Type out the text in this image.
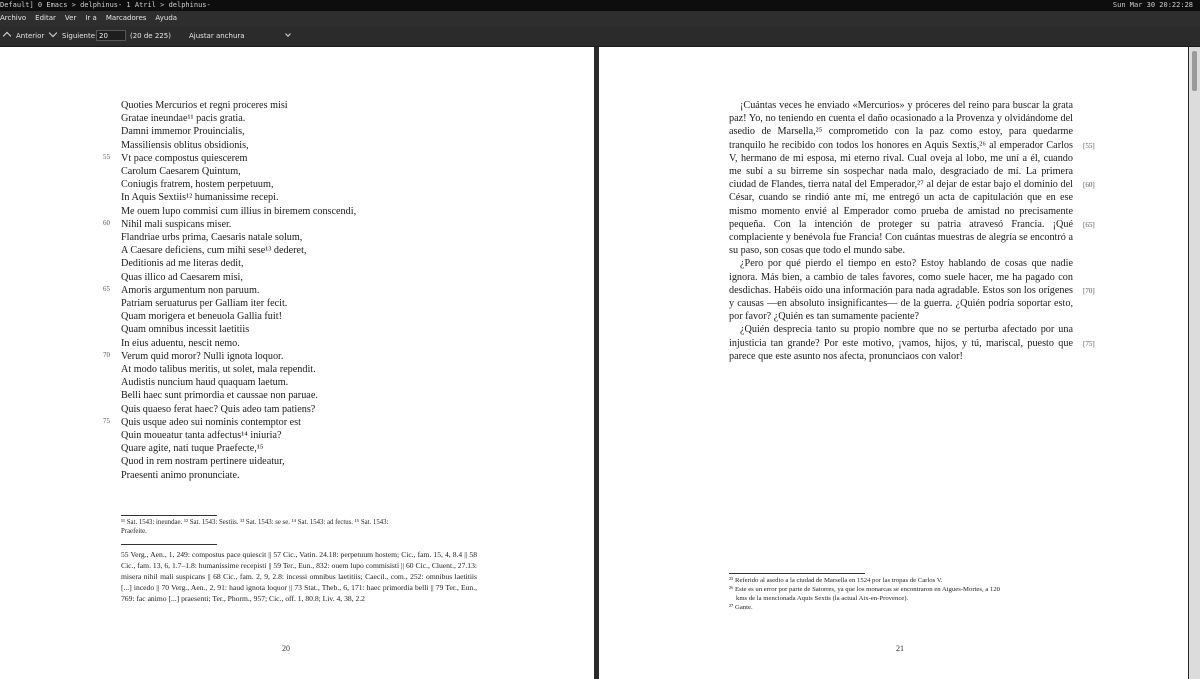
Default] 0 Emacs > delphinus- 1 Atril > delphinus-	Sun Mar 30 20:22:28
Archivo Editar Ver Ir a Marcadores Ayuda
Anterior	Siguiente 20	(20 de 225)	Ajustar anchura
Quoties Mercurios et regni proceres misi
Gratae ineundae¹¹ pacis gratia.
Damni immemor Prouincialis,
Massiliensis oblitus obsidionis,
Vt pace compostus quiescerem
Carolum Caesarem Quintum,
Coniugis fratrem, hostem perpetuum,
In Aquis Sextiis¹² humanissime recepi.
Me ouem lupo commisi cum illius in biremem conscendi,
Nihil mali suspicans miser.
Flandriae urbs prima, Caesaris natale solum,
A Caesare deficiens, cum mihi sese¹³ dederet,
Deditionis ad me literas dedit,
Quas illico ad Caesarem misi,
Amoris argumentum non paruum.
Patriam seruaturus per Galliam iter fecit.
Quam morigera et beneuola Gallia fuit!
Quam omnibus incessit laetitiis
In eius aduentu, nescit nemo.
Verum quid moror? Nulli ignota loquor.
At modo talibus meritis, ut solet, mala rependit.
Audistis nuncium haud quaquam laetum.
Belli haec sunt primordia et caussae non paruae.
Quis quaeso ferat haec? Quis adeo tam patiens?
Quis usque adeo sui nominis contemptor est
Quin moueatur tanta adfectus¹⁴ iniuria?
Quare agite, nati tuque Praefecte,¹⁵
Quod in rem nostram pertinere uideatur,
Praesenti animo pronunciate.
55
60
65
70
75
¹¹ Sat. 1543: ineundae. ¹² Sat. 1543: Sestiis. ¹³ Sat. 1543: se se. ¹⁴ Sat. 1543: ad fectus. ¹⁵ Sat. 1543:
Praefeite.
55 Verg., Aen., 1, 249: compostus pace quiescit || 57 Cic., Vatin. 24.18: perpetuum hostem; Cic., fam. 15, 4, 8.4 || 58 Cic., fam. 13, 6, 1.7–1.8: humanissime recepisti || 59 Ter., Eun., 832: ouem lupo commisisti || 60 Cic., Cluent., 27.13: misera nihil mali suspicans || 68 Cic., fam. 2, 9, 2.8: incessi omnibus laetitiis; Caecil., com., 252: omnibus laetitiis [...] incedo || 70 Verg., Aen., 2, 91: haud ignota loquor || 73 Stat., Theb., 6, 171: haec primordia belli || 79 Ter., Eun., 769: fac animo [...] praesenti; Ter., Phorm., 957; Cic., off. 1, 80.8; Liv. 4, 38, 2.2
20

¡Cuántas veces he enviado «Mercurios» y próceres del reino para buscar la grata paz! Yo, no teniendo en cuenta el daño ocasionado a la Provenza y olvidándome del asedio de Marsella,²⁵ comprometido con la paz como estoy, para quedarme tranquilo he recibido con todos los honores en Aquis Sextis,²⁶ al emperador Carlos V, hermano de mi esposa, mi eterno rival. Cual oveja al lobo, me uní a él, cuando me subí a su birreme sin sospechar nada malo, desgraciado de mí. La primera ciudad de Flandes, tierra natal del Emperador,²⁷ al dejar de estar bajo el dominio del César, cuando se rindió ante mí, me entregó un acta de capitulación que en ese mismo momento envié al Emperador como prueba de amistad no precisamente pequeña. Con la intención de proteger su patria atravesó Francia. ¡Qué complaciente y benévola fue Francia! Con cuántas muestras de alegría se encontró a su paso, son cosas que todo el mundo sabe.

¿Pero por qué pierdo el tiempo en esto? Estoy hablando de cosas que nadie ignora. Más bien, a cambio de tales favores, como suele hacer, me ha pagado con desdichas. Habéis oído una información para nada agradable. Estos son los orígenes y causas —en absoluto insignificantes— de la guerra. ¿Quién podría soportar esto, por favor? ¿Quién es tan sumamente paciente?

¿Quién desprecia tanto su propio nombre que no se perturba afectado por una injusticia tan grande? Por este motivo, ¡vamos, hijos, y tú, mariscal, puesto que parece que este asunto nos afecta, pronunciaos con valor!

[55]
[60]
[65]
[70]
[75]
²⁵ Referido al asedio a la ciudad de Marsella en 1524 por las tropas de Carlos V.
²⁶ Este es un error por parte de Satorres, ya que los monarcas se encontraron en Aigues-Mortes, a 120
kms de la mencionada Aquis Sextis (la actual Aix-en-Provence).
²⁷ Gante.
21
